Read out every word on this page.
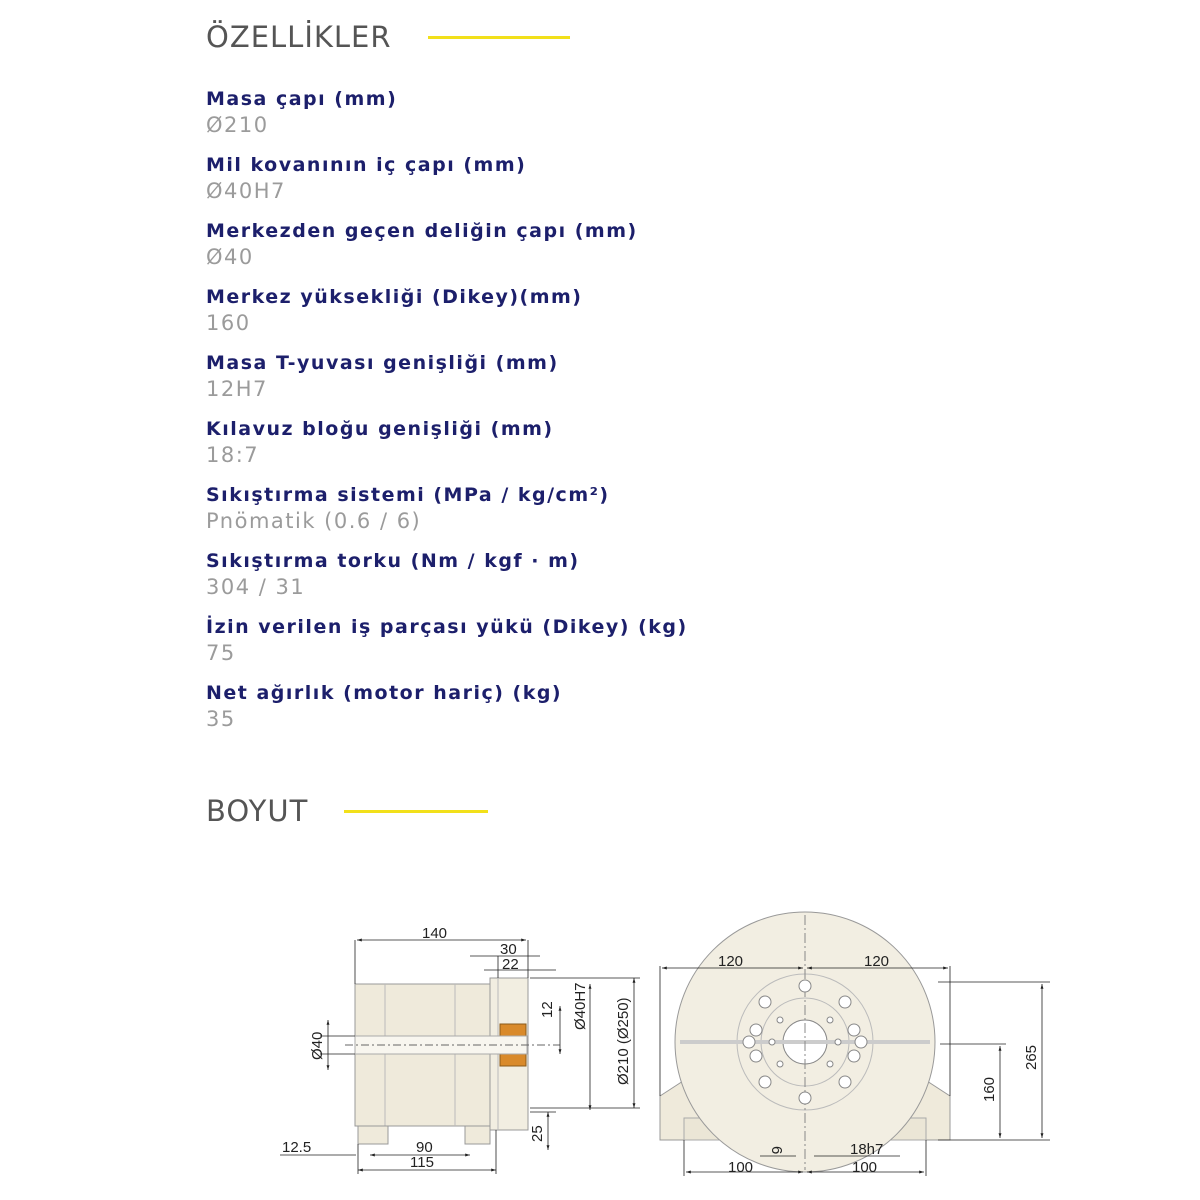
ÖZELLİKLER
Masa çapı (mm)
Ø210
Mil kovanının iç çapı (mm)
Ø40H7
Merkezden geçen deliğin çapı (mm)
Ø40
Merkez yüksekliği (Dikey)(mm)
160
Masa T-yuvası genişliği (mm)
12H7
Kılavuz bloğu genişliği (mm)
18:7
Sıkıştırma sistemi (MPa / kg/cm²)
Pnömatik (0.6 / 6)
Sıkıştırma torku (Nm / kgf · m)
304 / 31
İzin verilen iş parçası yükü (Dikey) (kg)
75
Net ağırlık (motor hariç) (kg)
35
BOYUT
140
30
22
12 Ø40H7 Ø210 (Ø250)
Ø40
25
12.5	90
115
120	120
265
160
6	18h7
100	100
